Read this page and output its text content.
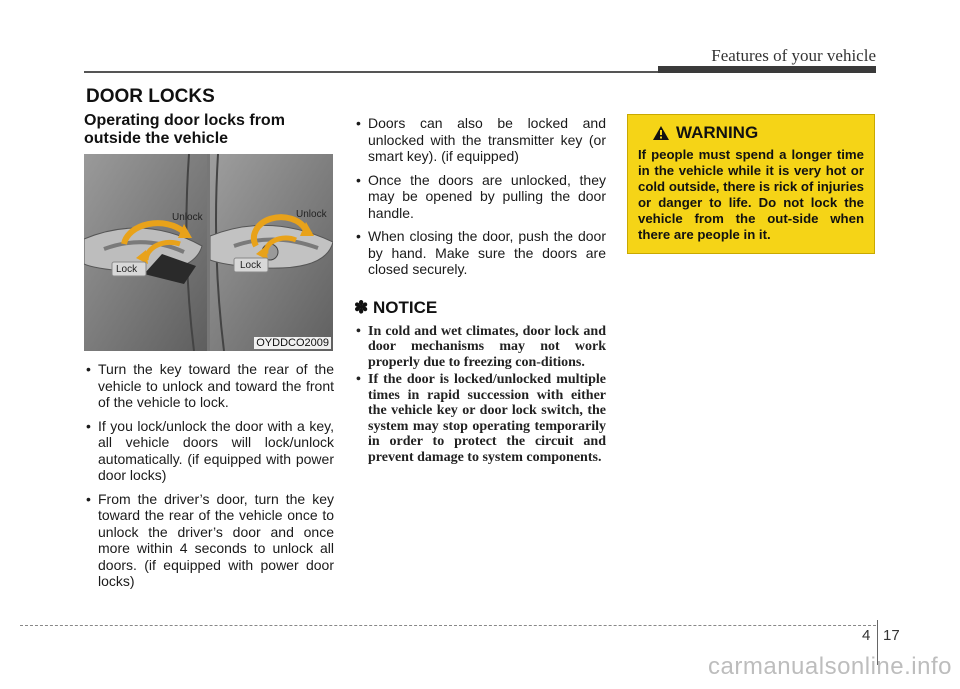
Features of your vehicle
DOOR LOCKS
Operating door locks from outside the vehicle
Unlock
Lock
Unlock
Lock
OYDDCO2009
• Turn the key toward the rear of the vehicle to unlock and toward the front of the vehicle to lock.
• If you lock/unlock the door with a key, all vehicle doors will lock/unlock automatically. (if equipped with power door locks)
• From the driver’s door, turn the key toward the rear of the vehicle once to unlock the driver’s door and once more within 4 seconds to unlock all doors. (if equipped with power door locks)
• Doors can also be locked and unlocked with the transmitter key (or smart key). (if equipped)
• Once the doors are unlocked, they may be opened by pulling the door handle.
• When closing the door, push the door by hand. Make sure the doors are closed securely.
✽ NOTICE
• In cold and wet climates, door lock and door mechanisms may not work properly due to freezing con-ditions.
• If the door is locked/unlocked multiple times in rapid succession with either the vehicle key or door lock switch, the system may stop operating temporarily in order to protect the circuit and prevent damage to system components.
WARNING
If people must spend a longer time in the vehicle while it is very hot or cold outside, there is rick of injuries or danger to life. Do not lock the vehicle from the out-side when there are people in it.
4 17
carmanualsonline.info
